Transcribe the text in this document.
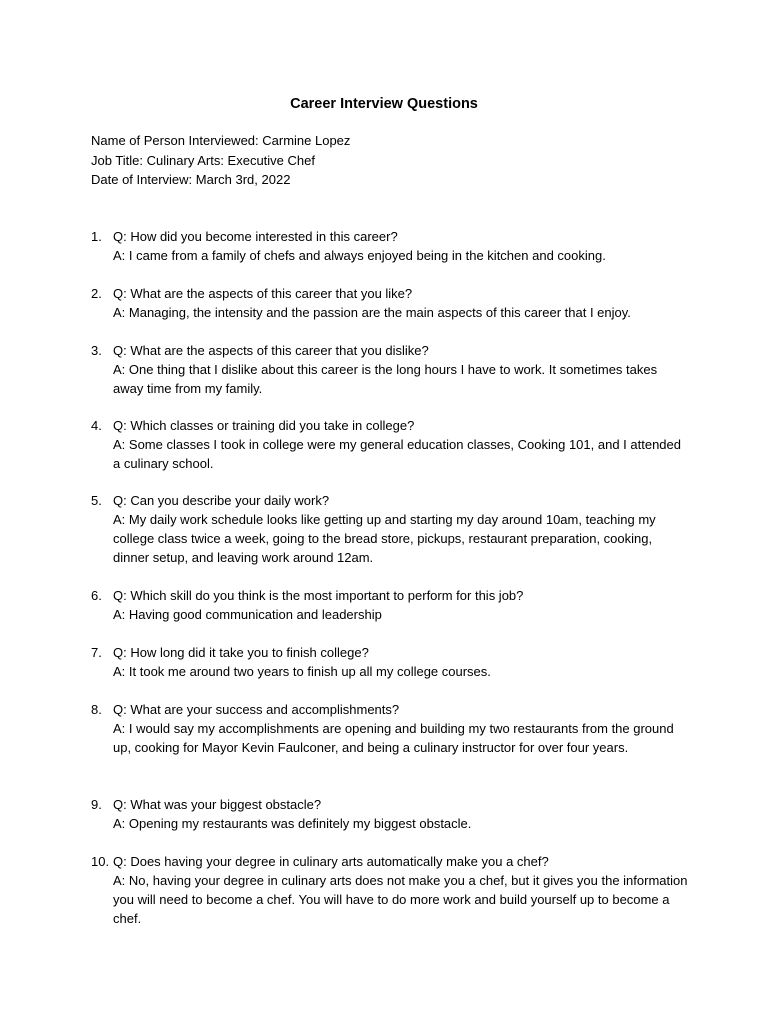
Career Interview Questions
Name of Person Interviewed: Carmine Lopez
Job Title: Culinary Arts: Executive Chef
Date of Interview: March 3rd, 2022
1. Q: How did you become interested in this career?
A: I came from a family of chefs and always enjoyed being in the kitchen and cooking.
2. Q: What are the aspects of this career that you like?
A: Managing, the intensity and the passion are the main aspects of this career that I enjoy.
3. Q: What are the aspects of this career that you dislike?
A: One thing that I dislike about this career is the long hours I have to work. It sometimes takes away time from my family.
4. Q: Which classes or training did you take in college?
A: Some classes I took in college were my general education classes, Cooking 101, and I attended a culinary school.
5. Q: Can you describe your daily work?
A: My daily work schedule looks like getting up and starting my day around 10am, teaching my college class twice a week, going to the bread store, pickups, restaurant preparation, cooking, dinner setup, and leaving work around 12am.
6. Q: Which skill do you think is the most important to perform for this job?
A: Having good communication and leadership
7. Q: How long did it take you to finish college?
A: It took me around two years to finish up all my college courses.
8. Q: What are your success and accomplishments?
A: I would say my accomplishments are opening and building my two restaurants from the ground up, cooking for Mayor Kevin Faulconer, and being a culinary instructor for over four years.
9. Q: What was your biggest obstacle?
A: Opening my restaurants was definitely my biggest obstacle.
10. Q: Does having your degree in culinary arts automatically make you a chef?
A: No, having your degree in culinary arts does not make you a chef, but it gives you the information you will need to become a chef. You will have to do more work and build yourself up to become a chef.
